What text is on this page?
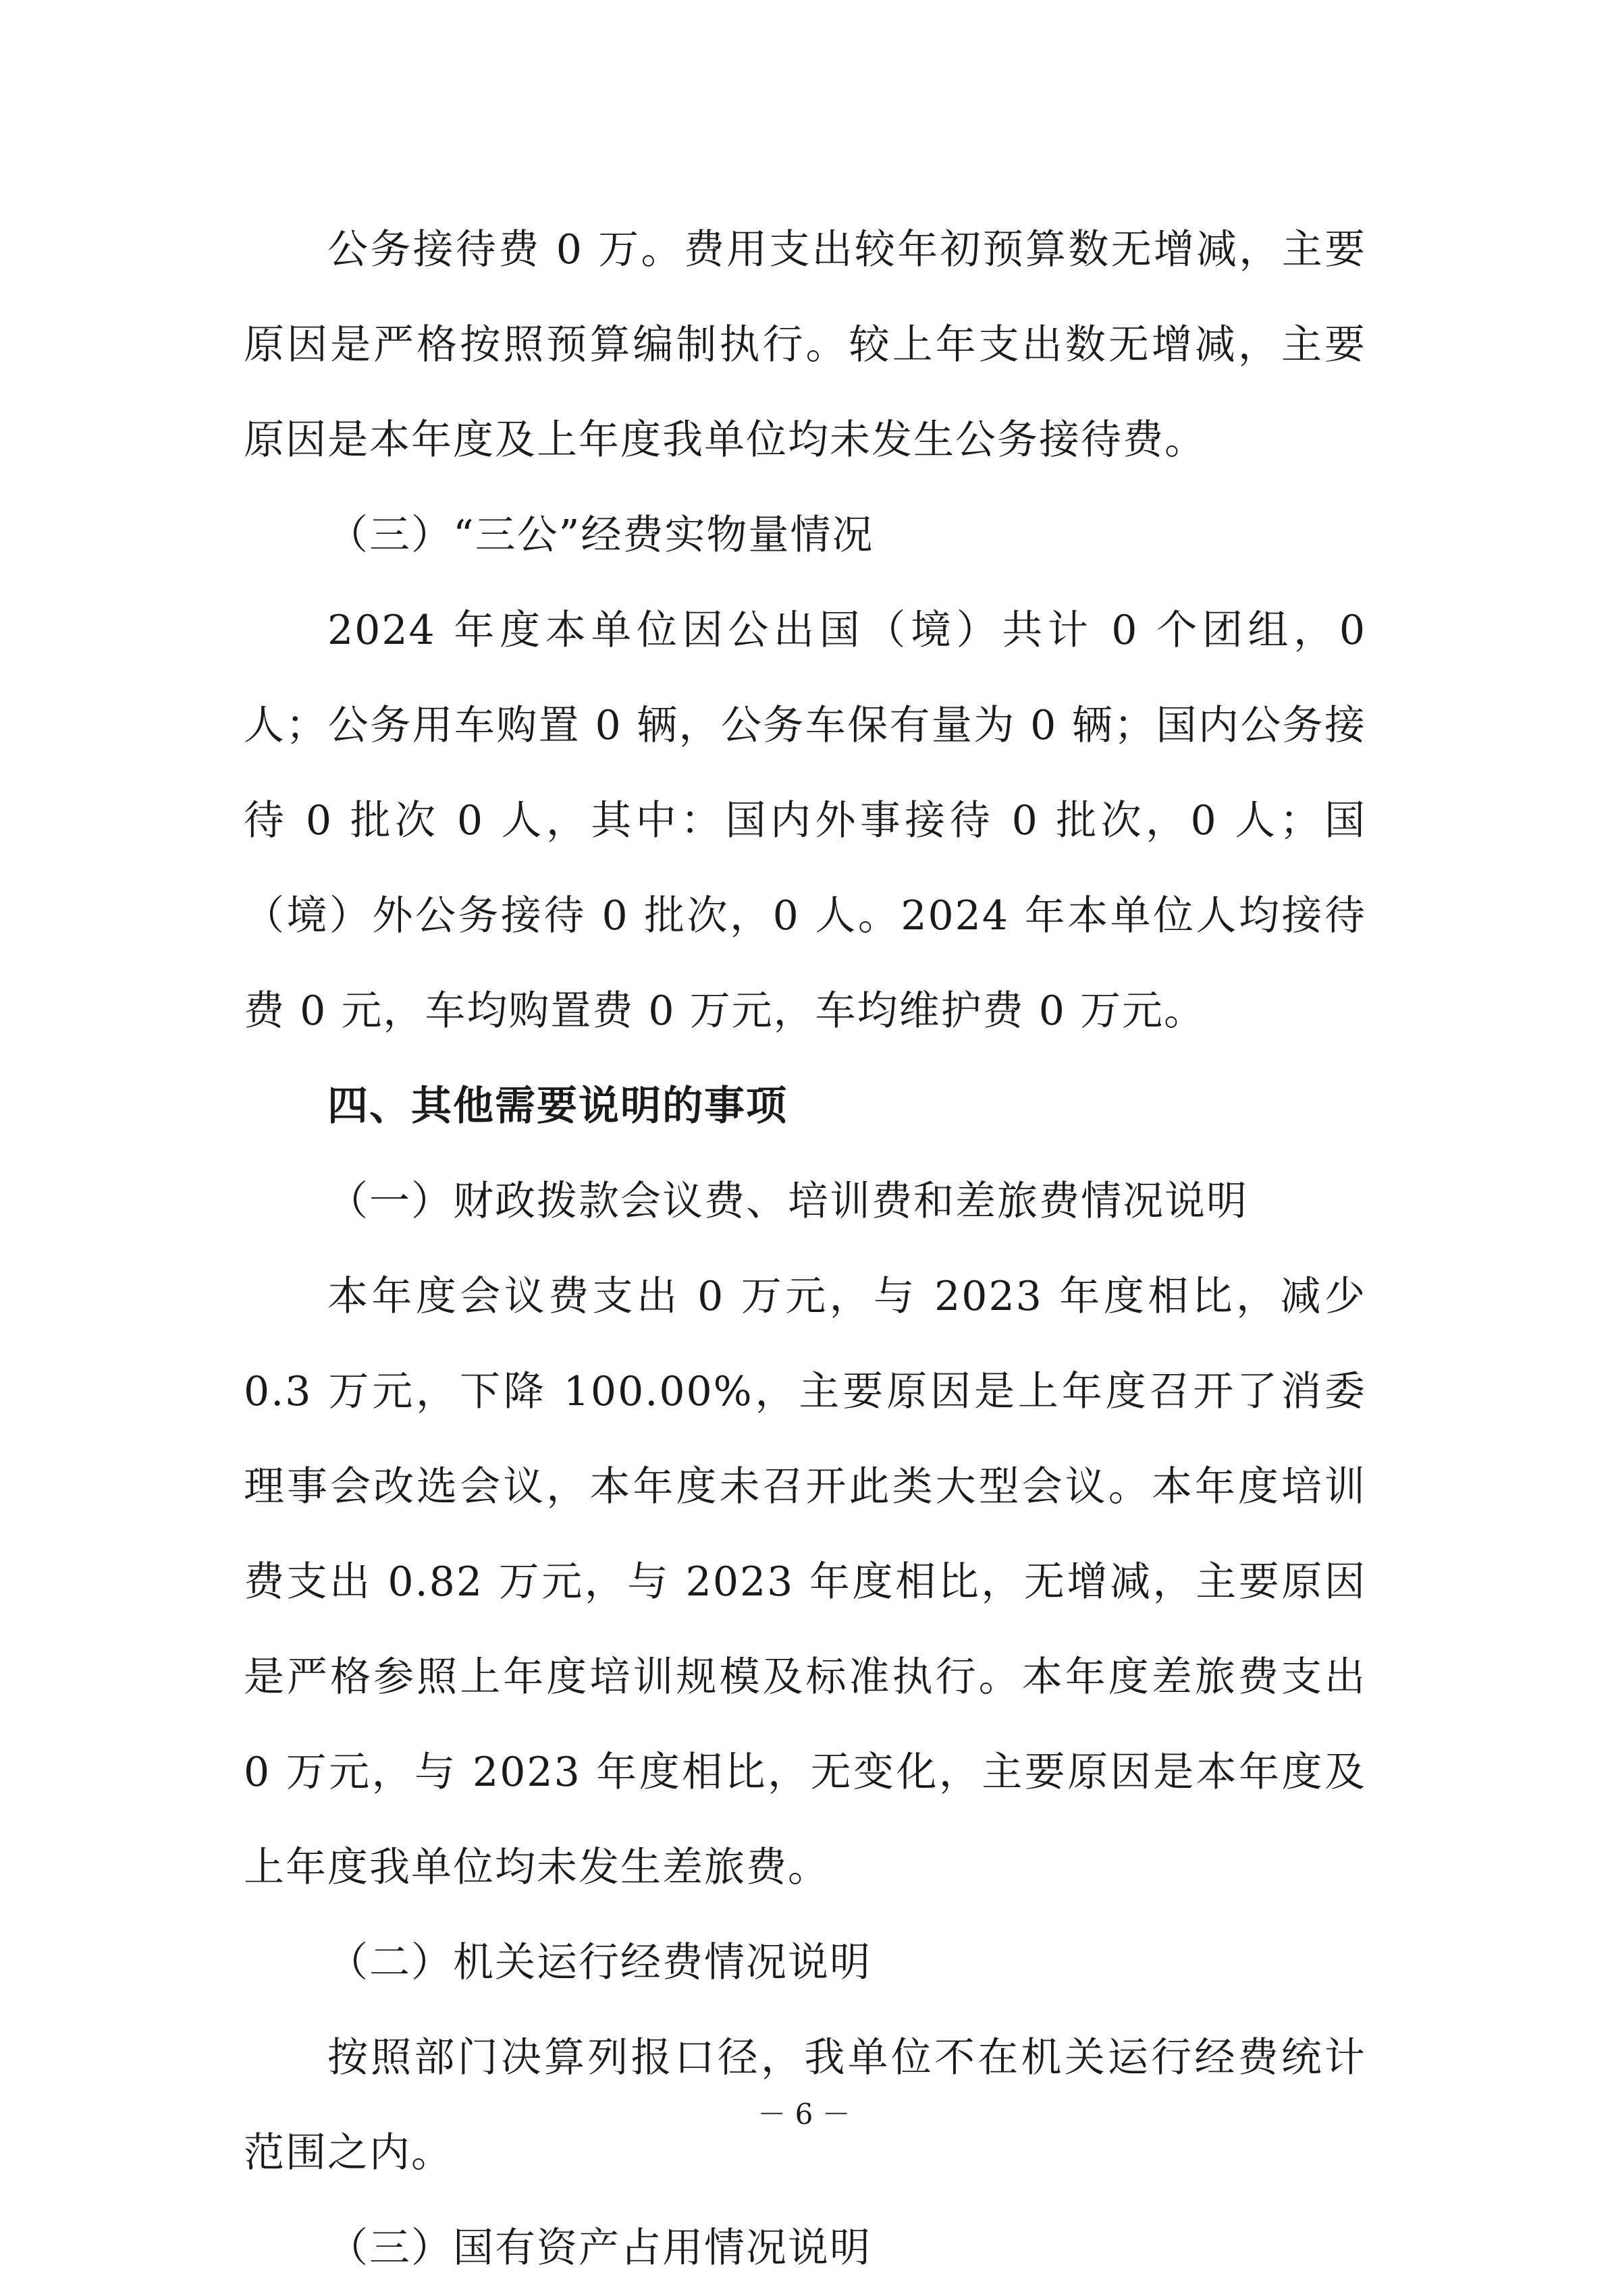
公务接待费 0 万。费用支出较年初预算数无增减，主要原因是严格按照预算编制执行。较上年支出数无增减，主要原因是本年度及上年度我单位均未发生公务接待费。

（三）“三公”经费实物量情况

2024 年度本单位因公出国（境）共计 0 个团组，0 人；公务用车购置 0 辆，公务车保有量为 0 辆；国内公务接待 0 批次 0 人，其中：国内外事接待 0 批次，0 人；国（境）外公务接待 0 批次，0 人。2024 年本单位人均接待费 0 元，车均购置费 0 万元，车均维护费 0 万元。

四、其他需要说明的事项

（一）财政拨款会议费、培训费和差旅费情况说明

本年度会议费支出 0 万元，与 2023 年度相比，减少 0.3 万元，下降 100.00%，主要原因是上年度召开了消委理事会改选会议，本年度未召开此类大型会议。本年度培训费支出 0.82 万元，与 2023 年度相比，无增减，主要原因是严格参照上年度培训规模及标准执行。本年度差旅费支出 0 万元，与 2023 年度相比，无变化，主要原因是本年度及上年度我单位均未发生差旅费。

（二）机关运行经费情况说明

按照部门决算列报口径，我单位不在机关运行经费统计范围之内。

（三）国有资产占用情况说明

－ 6 －
